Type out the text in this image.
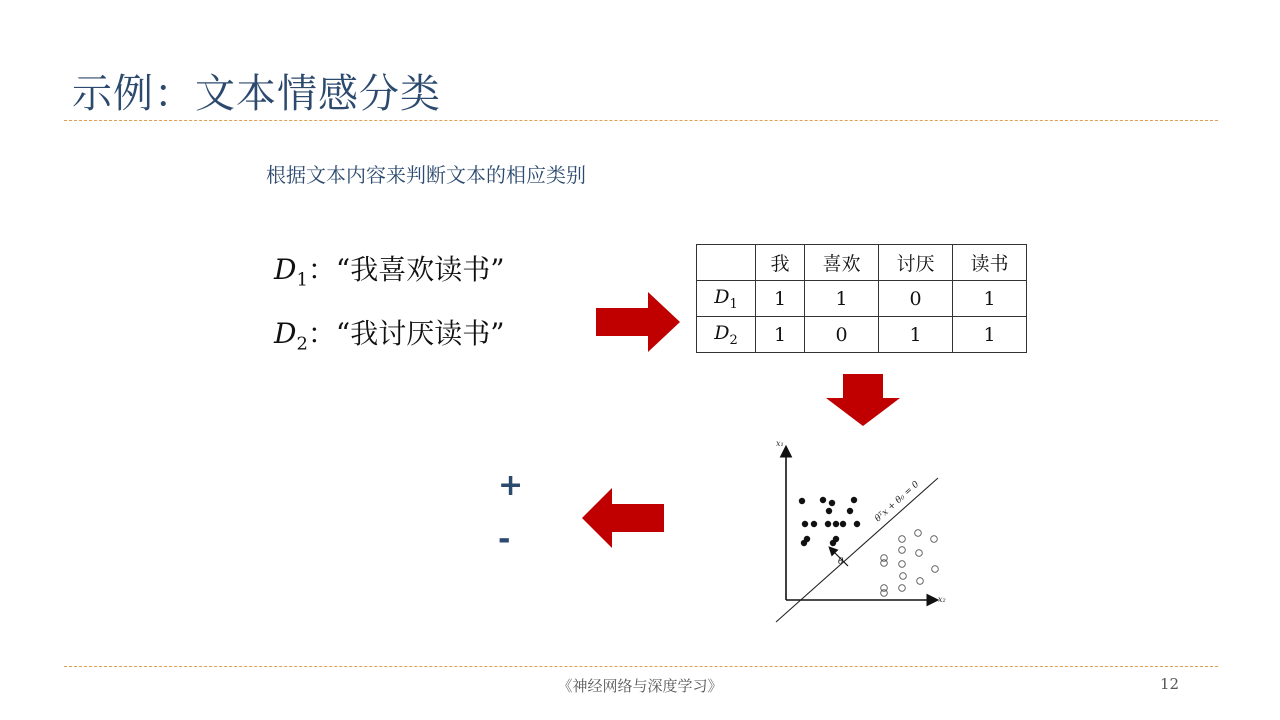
示例：文本情感分类
根据文本内容来判断文本的相应类别
$D_1$：“我喜欢读书”
$D_2$：“我讨厌读书”
	我	喜欢	讨厌	读书
$D_1$	1	1	0	1
$D_2$	1	0	1	1
x₁
x₂
θᵀx + θ₀ = 0
θ
+
-
《神经网络与深度学习》	12
